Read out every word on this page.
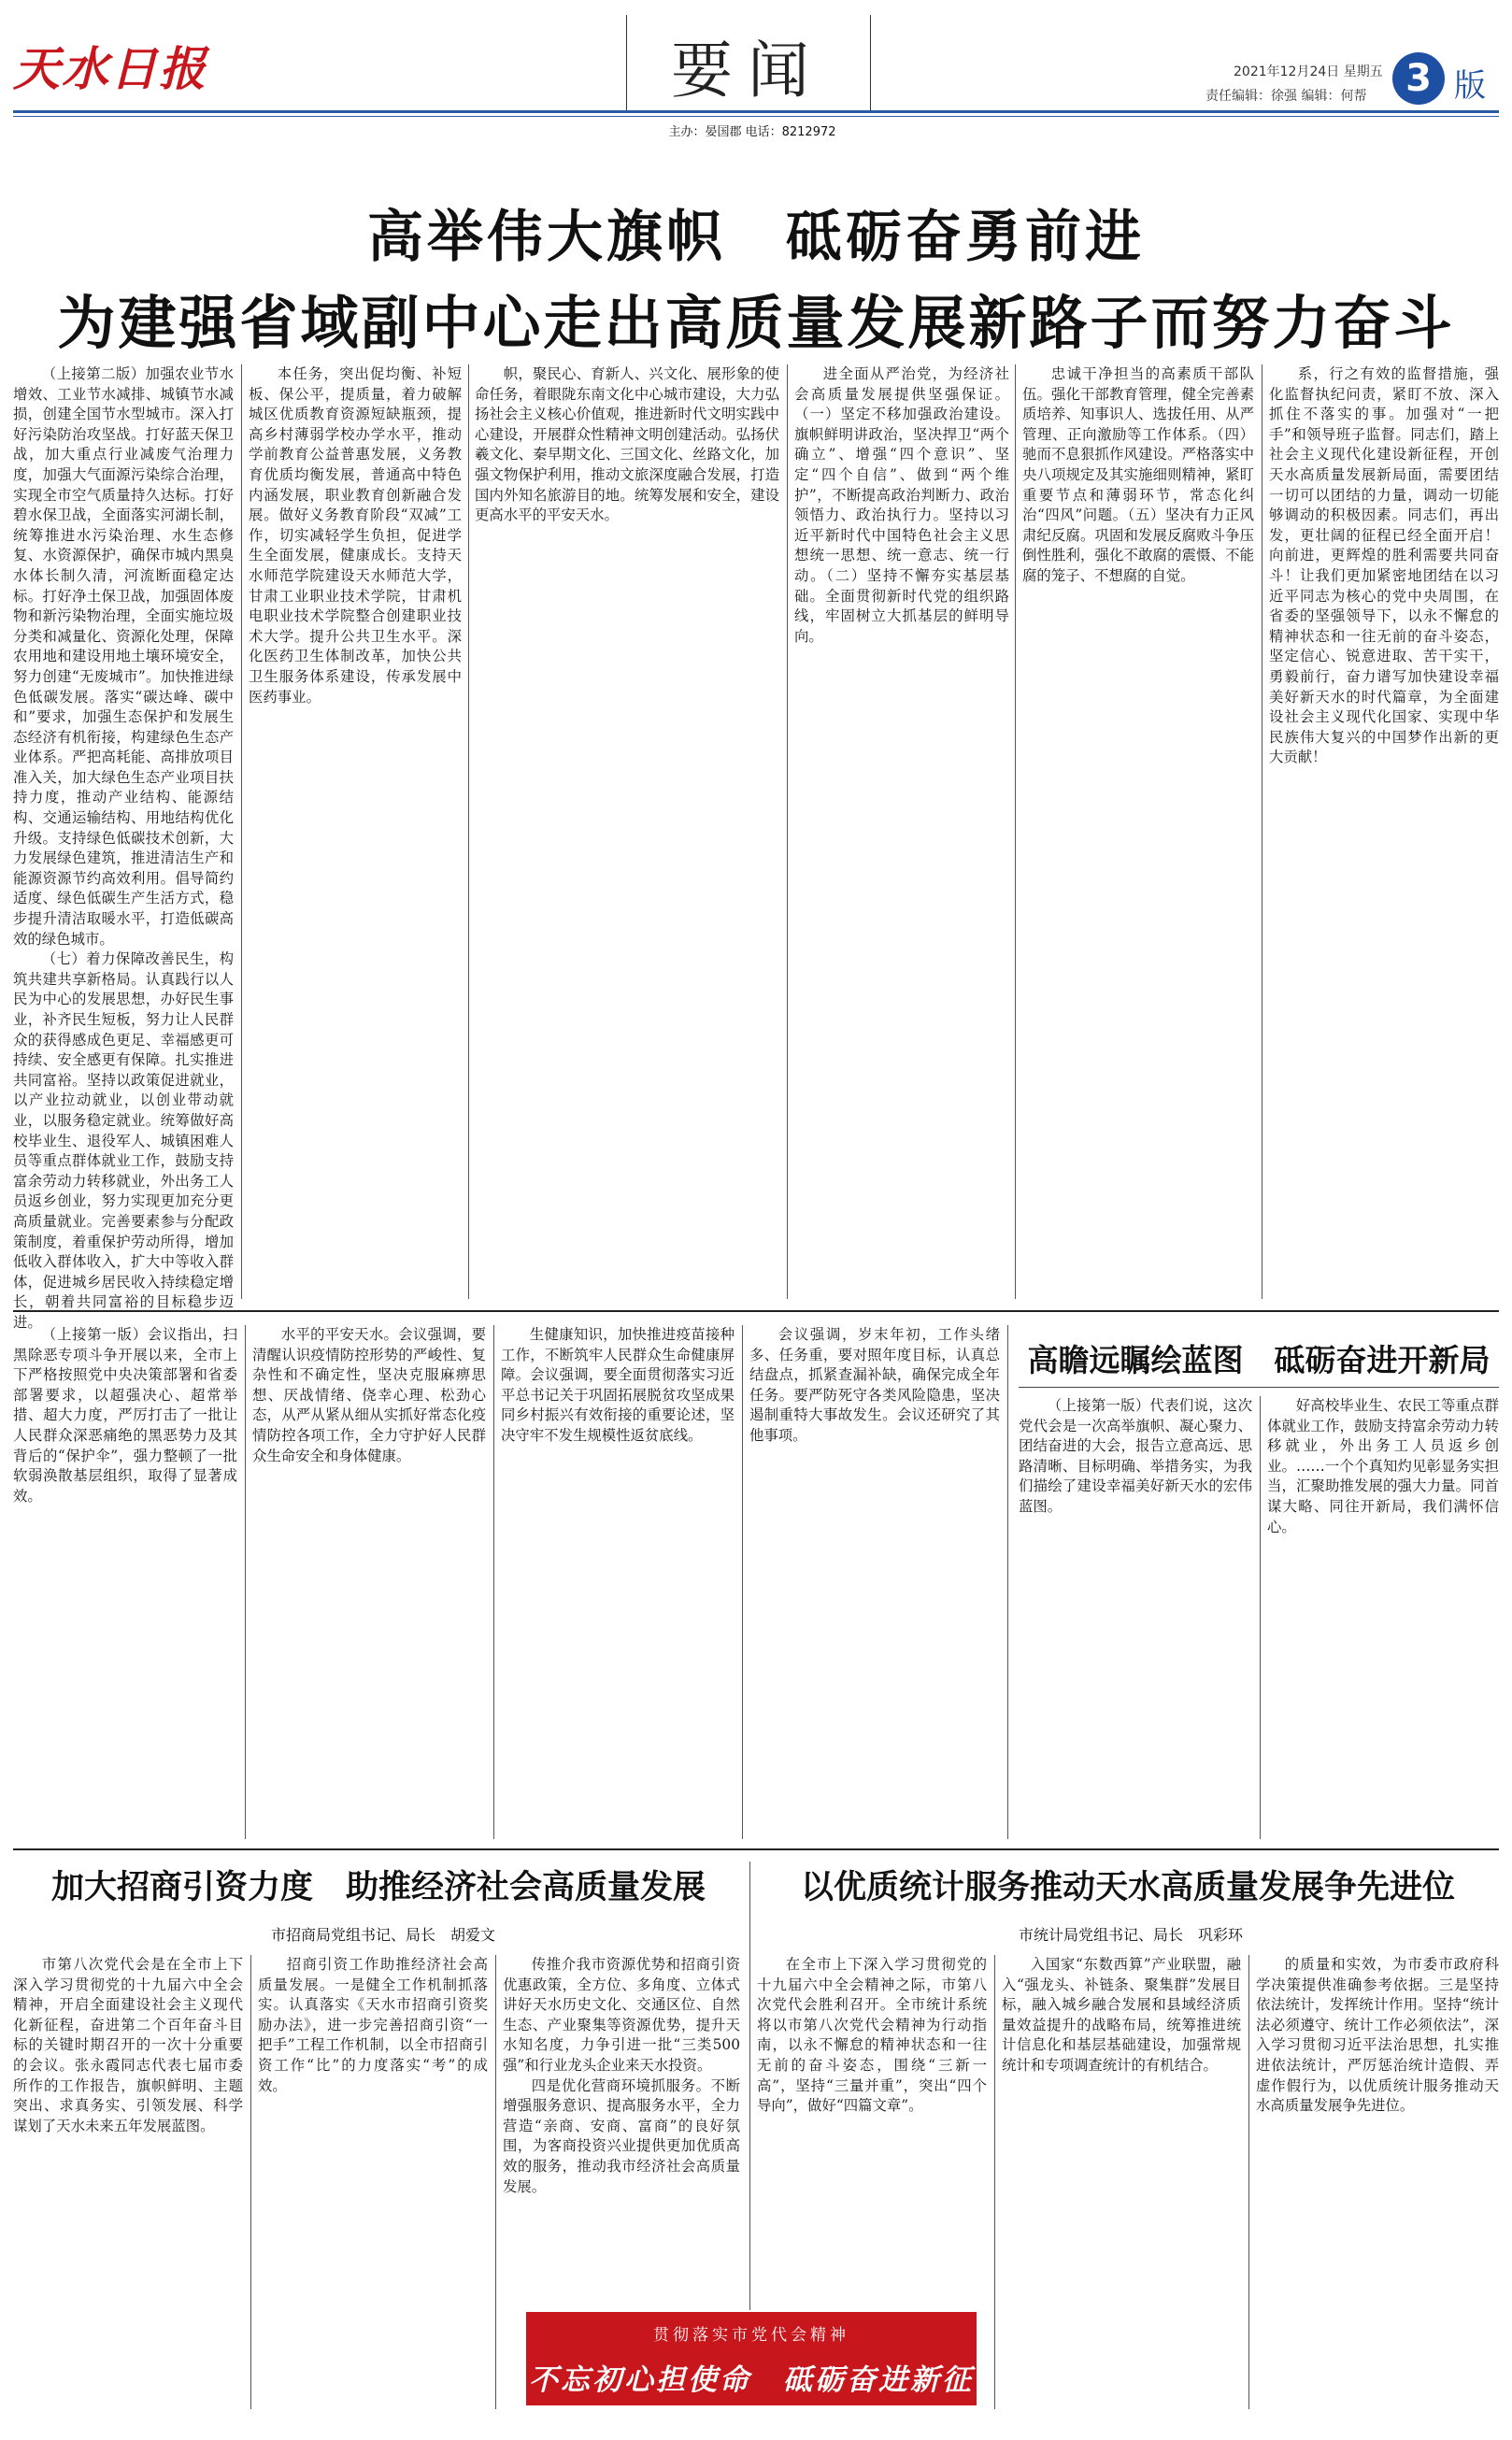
天水日报	要闻
主办：晏国郡 电话：8212972
2021年12月24日 星期五
责任编辑：徐强 编辑：何帮	3 版
高举伟大旗帜　砥砺奋勇前进
为建强省域副中心走出高质量发展新路子而努力奋斗

（上接第二版）加强农业节水增效、工业节水减排、城镇节水减损，创建全国节水型城市。深入打好污染防治攻坚战。打好蓝天保卫战，加大重点行业减废气治理力度，加强大气面源污染综合治理，实现全市空气质量持久达标。打好碧水保卫战，全面落实河湖长制，统筹推进水污染治理、水生态修复、水资源保护，确保市城内黑臭水体长制久清，河流断面稳定达标。打好净土保卫战，加强固体废物和新污染物治理，全面实施垃圾分类和减量化、资源化处理，保障农用地和建设用地土壤环境安全，努力创建“无废城市”。加快推进绿色低碳发展。落实“碳达峰、碳中和”要求，加强生态保护和发展生态经济有机衔接，构建绿色生态产业体系。严把高耗能、高排放项目准入关，加大绿色生态产业项目扶持力度，推动产业结构、能源结构、交通运输结构、用地结构优化升级。支持绿色低碳技术创新，大力发展绿色建筑，推进清洁生产和能源资源节约高效利用。倡导简约适度、绿色低碳生产生活方式，稳步提升清洁取暖水平，打造低碳高效的绿色城市。

（七）着力保障改善民生，构筑共建共享新格局。认真践行以人民为中心的发展思想，办好民生事业，补齐民生短板，努力让人民群众的获得感成色更足、幸福感更可持续、安全感更有保障。扎实推进共同富裕。坚持以政策促进就业，以产业拉动就业，以创业带动就业，以服务稳定就业。统筹做好高校毕业生、退役军人、城镇困难人员等重点群体就业工作，鼓励支持富余劳动力转移就业，外出务工人员返乡创业，努力实现更加充分更高质量就业。完善要素参与分配政策制度，着重保护劳动所得，增加低收入群体收入，扩大中等收入群体，促进城乡居民收入持续稳定增长，朝着共同富裕的目标稳步迈进。

本任务，突出促均衡、补短板、保公平，提质量，着力破解城区优质教育资源短缺瓶颈，提高乡村薄弱学校办学水平，推动学前教育公益普惠发展，义务教育优质均衡发展，普通高中特色内涵发展，职业教育创新融合发展。做好义务教育阶段“双减”工作，切实减轻学生负担，促进学生全面发展，健康成长。支持天水师范学院建设天水师范大学，甘肃工业职业技术学院，甘肃机电职业技术学院整合创建职业技术大学。提升公共卫生水平。深化医药卫生体制改革，加快公共卫生服务体系建设，传承发展中医药事业。

帜，聚民心、育新人、兴文化、展形象的使命任务，着眼陇东南文化中心城市建设，大力弘扬社会主义核心价值观，推进新时代文明实践中心建设，开展群众性精神文明创建活动。弘扬伏羲文化、秦早期文化、三国文化、丝路文化，加强文物保护利用，推动文旅深度融合发展，打造国内外知名旅游目的地。统筹发展和安全，建设更高水平的平安天水。

进全面从严治党，为经济社会高质量发展提供坚强保证。（一）坚定不移加强政治建设。旗帜鲜明讲政治，坚决捍卫“两个确立”、增强“四个意识”、坚定“四个自信”、做到“两个维护”，不断提高政治判断力、政治领悟力、政治执行力。坚持以习近平新时代中国特色社会主义思想统一思想、统一意志、统一行动。（二）坚持不懈夯实基层基础。全面贯彻新时代党的组织路线，牢固树立大抓基层的鲜明导向。

忠诚干净担当的高素质干部队伍。强化干部教育管理，健全完善素质培养、知事识人、选拔任用、从严管理、正向激励等工作体系。（四）驰而不息狠抓作风建设。严格落实中央八项规定及其实施细则精神，紧盯重要节点和薄弱环节，常态化纠治“四风”问题。（五）坚决有力正风肃纪反腐。巩固和发展反腐败斗争压倒性胜利，强化不敢腐的震慑、不能腐的笼子、不想腐的自觉。

系，行之有效的监督措施，强化监督执纪问责，紧盯不放、深入抓住不落实的事。加强对“一把手”和领导班子监督。同志们，踏上社会主义现代化建设新征程，开创天水高质量发展新局面，需要团结一切可以团结的力量，调动一切能够调动的积极因素。同志们，再出发，更壮阔的征程已经全面开启！向前进，更辉煌的胜利需要共同奋斗！让我们更加紧密地团结在以习近平同志为核心的党中央周围，在省委的坚强领导下，以永不懈怠的精神状态和一往无前的奋斗姿态，坚定信心、锐意进取、苦干实干，勇毅前行，奋力谱写加快建设幸福美好新天水的时代篇章，为全面建设社会主义现代化国家、实现中华民族伟大复兴的中国梦作出新的更大贡献！

（上接第一版）会议指出，扫黑除恶专项斗争开展以来，全市上下严格按照党中央决策部署和省委部署要求，以超强决心、超常举措、超大力度，严厉打击了一批让人民群众深恶痛绝的黑恶势力及其背后的“保护伞”，强力整顿了一批软弱涣散基层组织，取得了显著成效。

水平的平安天水。会议强调，要清醒认识疫情防控形势的严峻性、复杂性和不确定性，坚决克服麻痹思想、厌战情绪、侥幸心理、松劲心态，从严从紧从细从实抓好常态化疫情防控各项工作，全力守护好人民群众生命安全和身体健康。

生健康知识，加快推进疫苗接种工作，不断筑牢人民群众生命健康屏障。会议强调，要全面贯彻落实习近平总书记关于巩固拓展脱贫攻坚成果同乡村振兴有效衔接的重要论述，坚决守牢不发生规模性返贫底线。

会议强调，岁末年初，工作头绪多、任务重，要对照年度目标，认真总结盘点，抓紧查漏补缺，确保完成全年任务。要严防死守各类风险隐患，坚决遏制重特大事故发生。会议还研究了其他事项。

高瞻远瞩绘蓝图　砥砺奋进开新局

（上接第一版）代表们说，这次党代会是一次高举旗帜、凝心聚力、团结奋进的大会，报告立意高远、思路清晰、目标明确、举措务实，为我们描绘了建设幸福美好新天水的宏伟蓝图。

好高校毕业生、农民工等重点群体就业工作，鼓励支持富余劳动力转移就业，外出务工人员返乡创业。……一个个真知灼见彰显务实担当，汇聚助推发展的强大力量。同首谋大略、同往开新局，我们满怀信心。

加大招商引资力度　助推经济社会高质量发展
市招商局党组书记、局长　胡爱文

市第八次党代会是在全市上下深入学习贯彻党的十九届六中全会精神，开启全面建设社会主义现代化新征程，奋进第二个百年奋斗目标的关键时期召开的一次十分重要的会议。张永霞同志代表七届市委所作的工作报告，旗帜鲜明、主题突出、求真务实、引领发展、科学谋划了天水未来五年发展蓝图。

招商引资工作助推经济社会高质量发展。一是健全工作机制抓落实。认真落实《天水市招商引资奖励办法》，进一步完善招商引资“一把手”工程工作机制，以全市招商引资工作“比”的力度落实“考”的成效。

传推介我市资源优势和招商引资优惠政策，全方位、多角度、立体式讲好天水历史文化、交通区位、自然生态、产业聚集等资源优势，提升天水知名度，力争引进一批“三类500强”和行业龙头企业来天水投资。

四是优化营商环境抓服务。不断增强服务意识、提高服务水平，全力营造“亲商、安商、富商”的良好氛围，为客商投资兴业提供更加优质高效的服务，推动我市经济社会高质量发展。

以优质统计服务推动天水高质量发展争先进位
市统计局党组书记、局长　巩彩环

在全市上下深入学习贯彻党的十九届六中全会精神之际，市第八次党代会胜利召开。全市统计系统将以市第八次党代会精神为行动指南，以永不懈怠的精神状态和一往无前的奋斗姿态，围绕“三新一高”，坚持“三量并重”，突出“四个导向”，做好“四篇文章”。

入国家“东数西算”产业联盟，融入“强龙头、补链条、聚集群”发展目标，融入城乡融合发展和县域经济质量效益提升的战略布局，统筹推进统计信息化和基层基础建设，加强常规统计和专项调查统计的有机结合。

的质量和实效，为市委市政府科学决策提供准确参考依据。三是坚持依法统计，发挥统计作用。坚持“统计法必须遵守、统计工作必须依法”，深入学习贯彻习近平法治思想，扎实推进依法统计，严厉惩治统计造假、弄虚作假行为，以优质统计服务推动天水高质量发展争先进位。

贯彻落实市党代会精神
不忘初心担使命　砥砺奋进新征程
